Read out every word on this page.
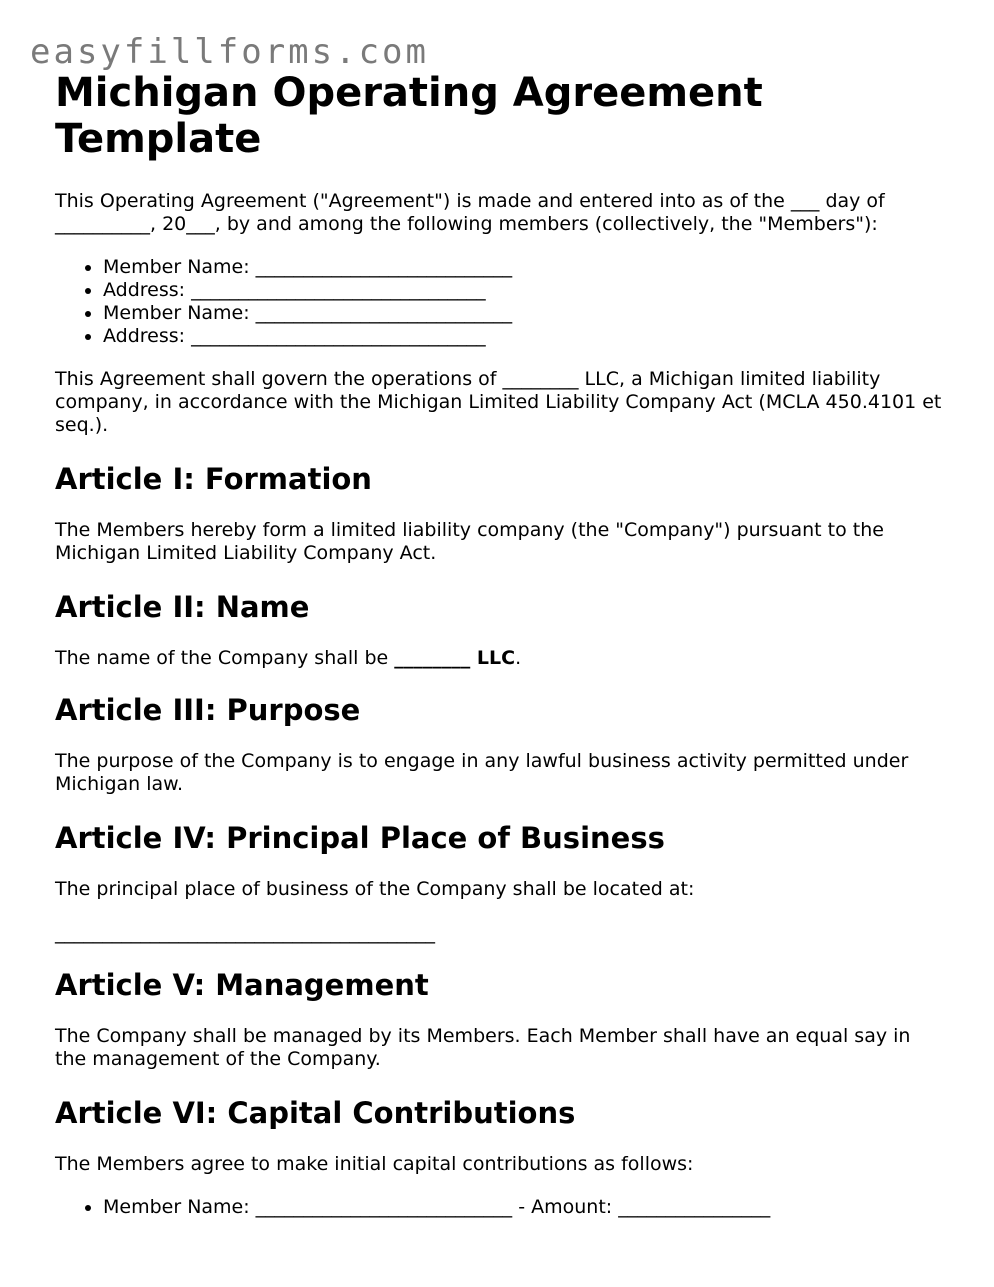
easyfillforms.com
Michigan Operating Agreement Template

This Operating Agreement ("Agreement") is made and entered into as of the ___ day of __________, 20___, by and among the following members (collectively, the "Members"):

• Member Name: ___________________________
• Address: _______________________________
• Member Name: ___________________________
• Address: _______________________________

This Agreement shall govern the operations of ________ LLC, a Michigan limited liability company, in accordance with the Michigan Limited Liability Company Act (MCLA 450.4101 et seq.).

Article I: Formation

The Members hereby form a limited liability company (the "Company") pursuant to the Michigan Limited Liability Company Act.

Article II: Name

The name of the Company shall be ________ LLC.

Article III: Purpose

The purpose of the Company is to engage in any lawful business activity permitted under Michigan law.

Article IV: Principal Place of Business

The principal place of business of the Company shall be located at:

________________________________________
Article V: Management

The Company shall be managed by its Members. Each Member shall have an equal say in the management of the Company.

Article VI: Capital Contributions

The Members agree to make initial capital contributions as follows:

• Member Name: ___________________________ - Amount: ________________
